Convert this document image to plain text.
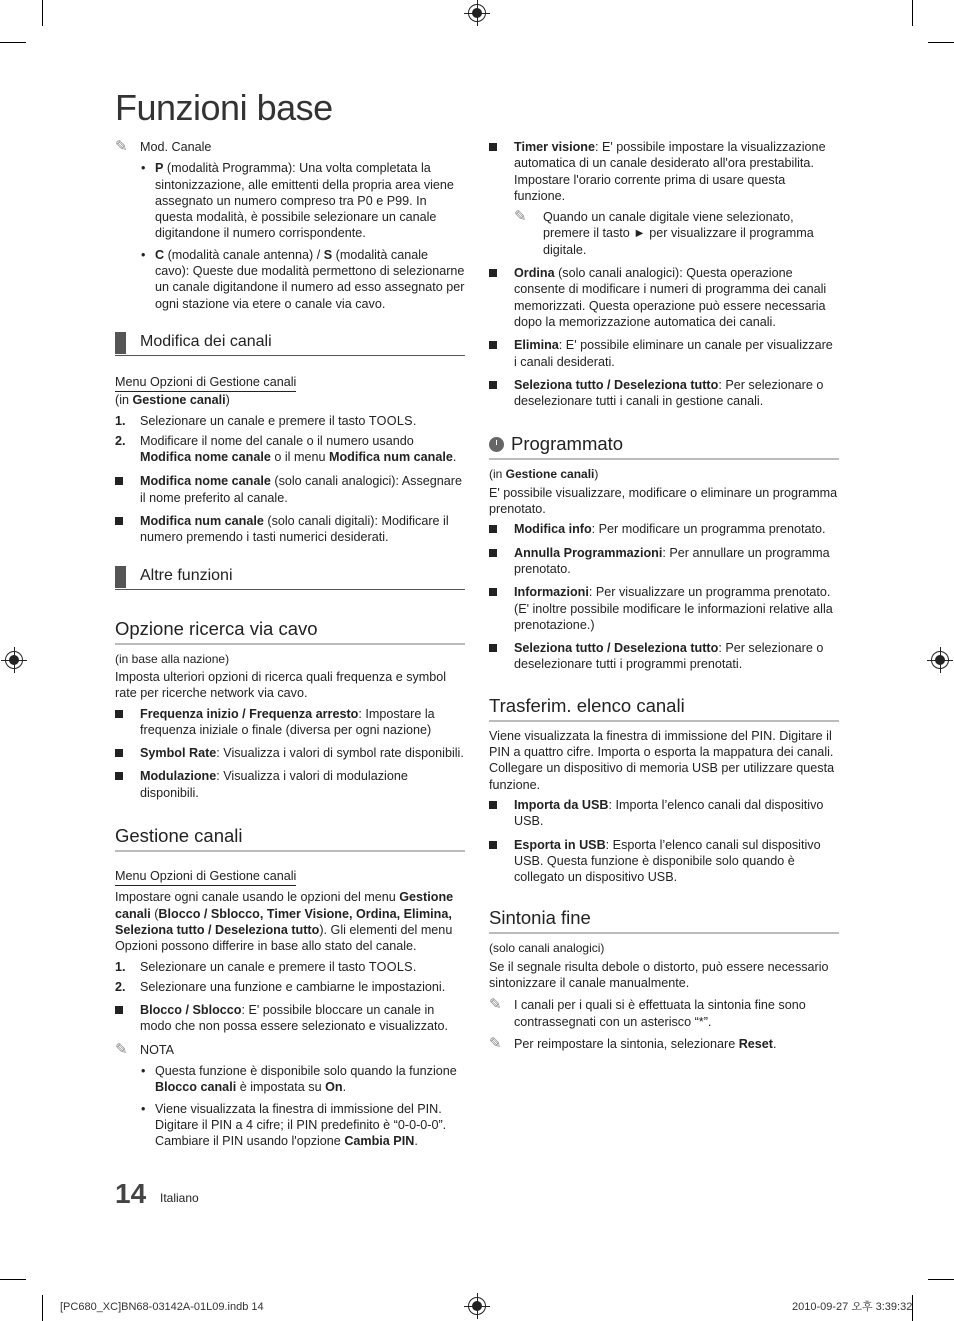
Funzioni base
✎ Mod. Canale
• P (modalità Programma): Una volta completata la sintonizzazione, alle emittenti della propria area viene assegnato un numero compreso tra P0 e P99. In questa modalità, è possibile selezionare un canale digitandone il numero corrispondente.
• C (modalità canale antenna) / S (modalità canale cavo): Queste due modalità permettono di selezionarne un canale digitandone il numero ad esso assegnato per ogni stazione via etere o canale via cavo.
Modifica dei canali
Menu Opzioni di Gestione canali

(in Gestione canali)

1. Selezionare un canale e premere il tasto TOOLS.
2. Modificare il nome del canale o il numero usando Modifica nome canale o il menu Modifica num canale.
Modifica nome canale (solo canali analogici): Assegnare il nome preferito al canale.
Modifica num canale (solo canali digitali): Modificare il numero premendo i tasti numerici desiderati.
Altre funzioni
Opzione ricerca via cavo

(in base alla nazione)

Imposta ulteriori opzioni di ricerca quali frequenza e symbol rate per ricerche network via cavo.

Frequenza inizio / Frequenza arresto: Impostare la frequenza iniziale o finale (diversa per ogni nazione)
Symbol Rate: Visualizza i valori di symbol rate disponibili.
Modulazione: Visualizza i valori di modulazione disponibili.
Gestione canali
Menu Opzioni di Gestione canali

Impostare ogni canale usando le opzioni del menu Gestione canali (Blocco / Sblocco, Timer Visione, Ordina, Elimina, Seleziona tutto / Deseleziona tutto). Gli elementi del menu Opzioni possono differire in base allo stato del canale.

1. Selezionare un canale e premere il tasto TOOLS.
2. Selezionare una funzione e cambiarne le impostazioni.
Blocco / Sblocco: E' possibile bloccare un canale in modo che non possa essere selezionato e visualizzato.
✎ NOTA
• Questa funzione è disponibile solo quando la funzione Blocco canali è impostata su On.
• Viene visualizzata la finestra di immissione del PIN. Digitare il PIN a 4 cifre; il PIN predefinito è “0-0-0-0”. Cambiare il PIN usando l'opzione Cambia PIN.
Timer visione: E' possibile impostare la visualizzazione automatica di un canale desiderato all'ora prestabilita. Impostare l'orario corrente prima di usare questa funzione.
✎ Quando un canale digitale viene selezionato, premere il tasto ► per visualizzare il programma digitale.
Ordina (solo canali analogici): Questa operazione consente di modificare i numeri di programma dei canali memorizzati. Questa operazione può essere necessaria dopo la memorizzazione automatica dei canali.
Elimina: E' possibile eliminare un canale per visualizzare i canali desiderati.
Seleziona tutto / Deseleziona tutto: Per selezionare o deselezionare tutti i canali in gestione canali.
Programmato

(in Gestione canali)

E' possibile visualizzare, modificare o eliminare un programma prenotato.

Modifica info: Per modificare un programma prenotato.
Annulla Programmazioni: Per annullare un programma prenotato.
Informazioni: Per visualizzare un programma prenotato. (E' inoltre possibile modificare le informazioni relative alla prenotazione.)
Seleziona tutto / Deseleziona tutto: Per selezionare o deselezionare tutti i programmi prenotati.
Trasferim. elenco canali

Viene visualizzata la finestra di immissione del PIN. Digitare il PIN a quattro cifre. Importa o esporta la mappatura dei canali. Collegare un dispositivo di memoria USB per utilizzare questa funzione.

Importa da USB: Importa l’elenco canali dal dispositivo USB.
Esporta in USB: Esporta l’elenco canali sul dispositivo USB. Questa funzione è disponibile solo quando è collegato un dispositivo USB.
Sintonia fine

(solo canali analogici)

Se il segnale risulta debole o distorto, può essere necessario sintonizzare il canale manualmente.

✎ I canali per i quali si è effettuata la sintonia fine sono contrassegnati con un asterisco “*”.
✎ Per reimpostare la sintonia, selezionare Reset.
14 Italiano
[PC680_XC]BN68-03142A-01L09.indb 14	2010-09-27 오후 3:39:32
